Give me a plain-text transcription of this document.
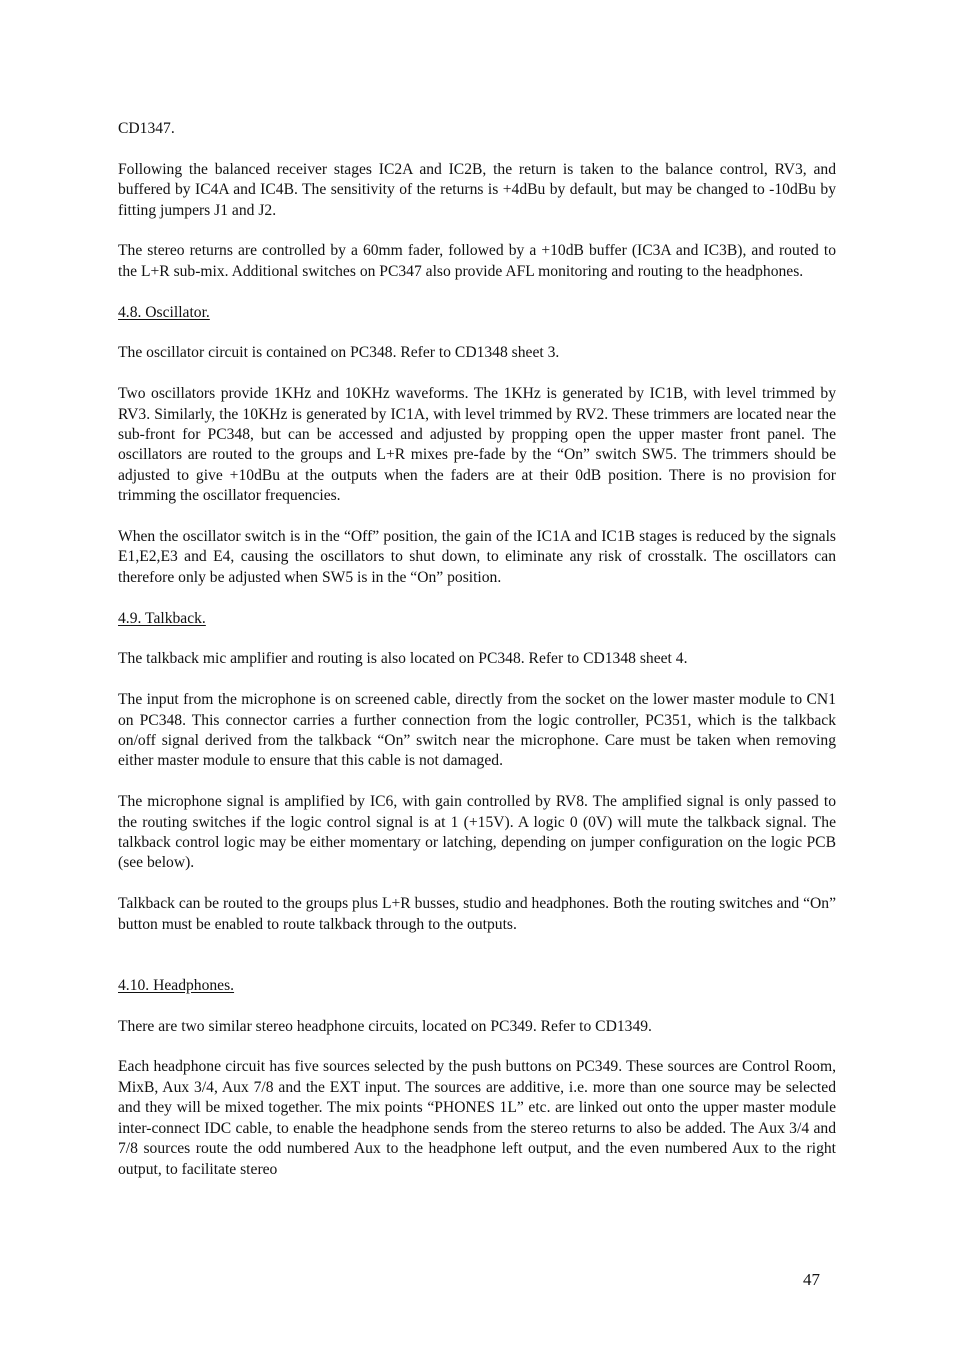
CD1347.

Following the balanced receiver stages IC2A and IC2B, the return is taken to the balance control, RV3, and buffered by IC4A and IC4B. The sensitivity of the returns is +4dBu by default, but may be changed to -10dBu by fitting jumpers J1 and J2.

The stereo returns are controlled by a 60mm fader, followed by a +10dB buffer (IC3A and IC3B), and routed to the L+R sub-mix. Additional switches on PC347 also provide AFL monitoring and routing to the headphones.

4.8. Oscillator.

The oscillator circuit is contained on PC348. Refer to CD1348 sheet 3.

Two oscillators provide 1KHz and 10KHz waveforms. The 1KHz is generated by IC1B, with level trimmed by RV3. Similarly, the 10KHz is generated by IC1A, with level trimmed by RV2. These trimmers are located near the sub-front for PC348, but can be accessed and adjusted by propping open the upper master front panel. The oscillators are routed to the groups and L+R mixes pre-fade by the “On” switch SW5. The trimmers should be adjusted to give +10dBu at the outputs when the faders are at their 0dB position. There is no provision for trimming the oscillator frequencies.

When the oscillator switch is in the “Off” position, the gain of the IC1A and IC1B stages is reduced by the signals E1,E2,E3 and E4, causing the oscillators to shut down, to eliminate any risk of crosstalk. The oscillators can therefore only be adjusted when SW5 is in the “On” position.

4.9. Talkback.

The talkback mic amplifier and routing is also located on PC348. Refer to CD1348 sheet 4.

The input from the microphone is on screened cable, directly from the socket on the lower master module to CN1 on PC348. This connector carries a further connection from the logic controller, PC351, which is the talkback on/off signal derived from the talkback “On” switch near the microphone. Care must be taken when removing either master module to ensure that this cable is not damaged.

The microphone signal is amplified by IC6, with gain controlled by RV8. The amplified signal is only passed to the routing switches if the logic control signal is at 1 (+15V). A logic 0 (0V) will mute the talkback signal. The talkback control logic may be either momentary or latching, depending on jumper configuration on the logic PCB (see below).

Talkback can be routed to the groups plus L+R busses, studio and headphones. Both the routing switches and “On” button must be enabled to route talkback through to the outputs.

4.10. Headphones.

There are two similar stereo headphone circuits, located on PC349. Refer to CD1349.

Each headphone circuit has five sources selected by the push buttons on PC349. These sources are Control Room, MixB, Aux 3/4, Aux 7/8 and the EXT input. The sources are additive, i.e. more than one source may be selected and they will be mixed together. The mix points “PHONES 1L” etc. are linked out onto the upper master module inter-connect IDC cable, to enable the headphone sends from the stereo returns to also be added. The Aux 3/4 and 7/8 sources route the odd numbered Aux to the headphone left output, and the even numbered Aux to the right output, to facilitate stereo

47
